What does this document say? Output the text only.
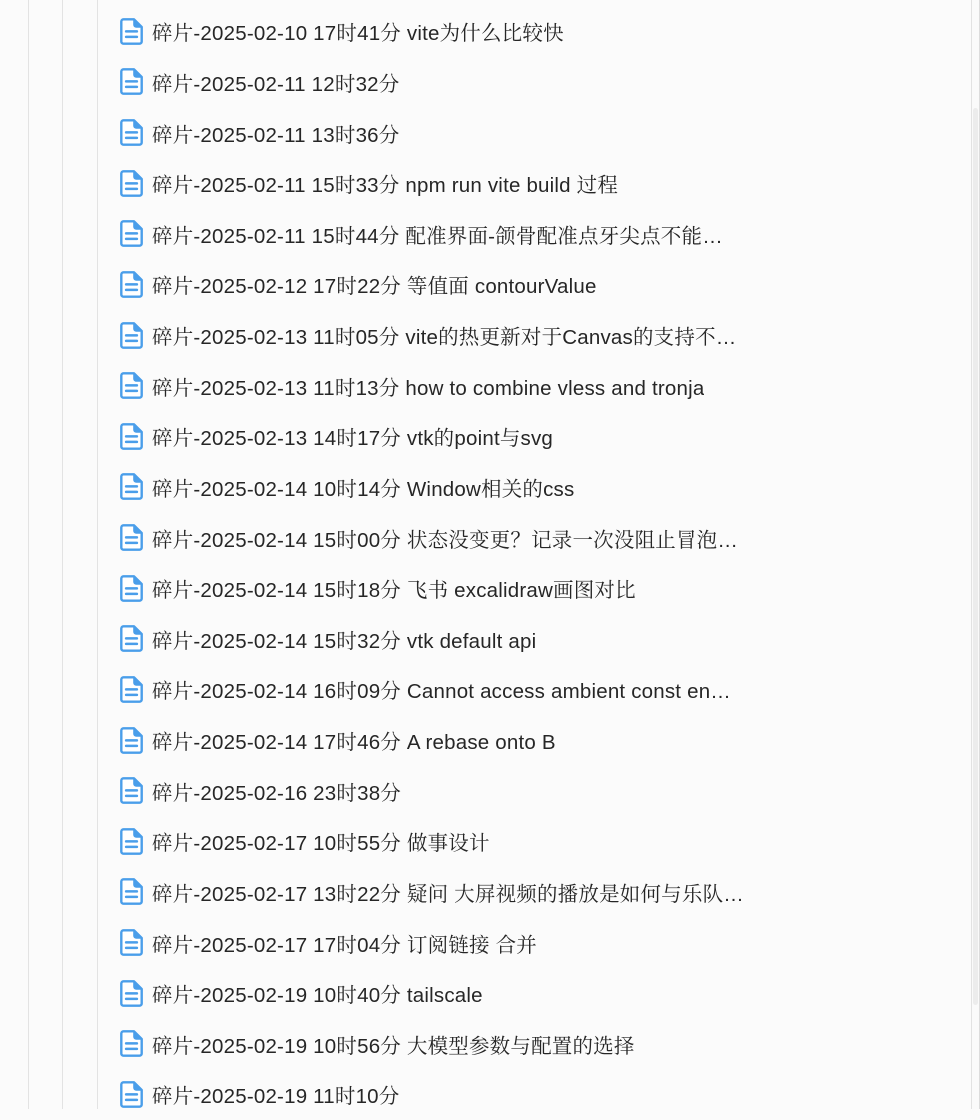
碎片-2025-02-10 17时41分 vite为什么比较快
碎片-2025-02-11 12时32分
碎片-2025-02-11 13时36分
碎片-2025-02-11 15时33分 npm run vite build 过程
碎片-2025-02-11 15时44分 配准界面-颌骨配准点牙尖点不能…
碎片-2025-02-12 17时22分 等值面 contourValue
碎片-2025-02-13 11时05分 vite的热更新对于Canvas的支持不…
碎片-2025-02-13 11时13分 how to combine vless and tronja
碎片-2025-02-13 14时17分 vtk的point与svg
碎片-2025-02-14 10时14分 Window相关的css
碎片-2025-02-14 15时00分 状态没变更？记录一次没阻止冒泡…
碎片-2025-02-14 15时18分 飞书 excalidraw画图对比
碎片-2025-02-14 15时32分 vtk default api
碎片-2025-02-14 16时09分 Cannot access ambient const en…
碎片-2025-02-14 17时46分 A rebase onto B
碎片-2025-02-16 23时38分
碎片-2025-02-17 10时55分 做事设计
碎片-2025-02-17 13时22分 疑问 大屏视频的播放是如何与乐队…
碎片-2025-02-17 17时04分 订阅链接 合并
碎片-2025-02-19 10时40分 tailscale
碎片-2025-02-19 10时56分 大模型参数与配置的选择
碎片-2025-02-19 11时10分
